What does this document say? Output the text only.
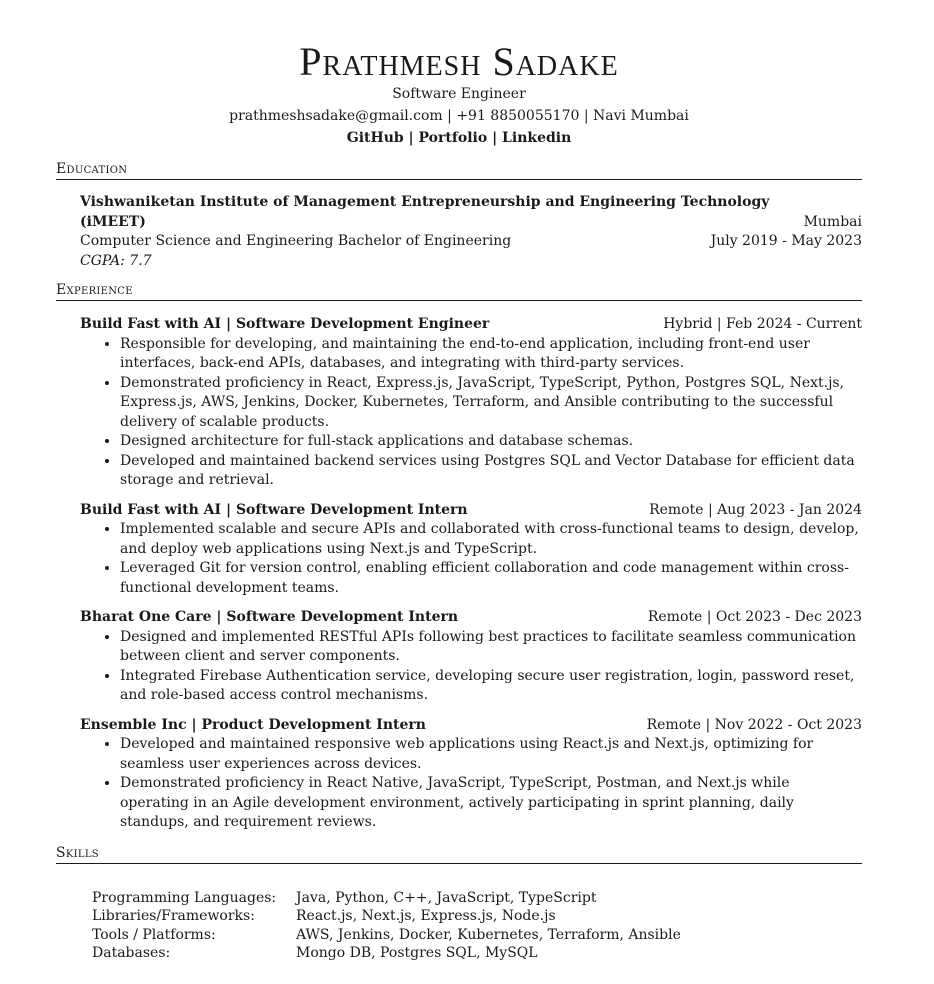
Prathmesh Sadake
Software Engineer
prathmeshsadake@gmail.com | +91 8850055170 | Navi Mumbai
GitHub | Portfolio | Linkedin
Education
Vishwaniketan Institute of Management Entrepreneurship and Engineering Technology
(iMEET)	Mumbai
Computer Science and Engineering Bachelor of Engineering	July 2019 - May 2023
CGPA: 7.7
Experience
Build Fast with AI | Software Development Engineer	Hybrid | Feb 2024 - Current
• Responsible for developing, and maintaining the end-to-end application, including front-end user interfaces, back-end APIs, databases, and integrating with third-party services.
• Demonstrated proficiency in React, Express.js, JavaScript, TypeScript, Python, Postgres SQL, Next.js, Express.js, AWS, Jenkins, Docker, Kubernetes, Terraform, and Ansible contributing to the successful delivery of scalable products.
• Designed architecture for full-stack applications and database schemas.
• Developed and maintained backend services using Postgres SQL and Vector Database for efficient data storage and retrieval.
Build Fast with AI | Software Development Intern	Remote | Aug 2023 - Jan 2024
• Implemented scalable and secure APIs and collaborated with cross-functional teams to design, develop, and deploy web applications using Next.js and TypeScript.
• Leveraged Git for version control, enabling efficient collaboration and code management within cross-functional development teams.
Bharat One Care | Software Development Intern	Remote | Oct 2023 - Dec 2023
• Designed and implemented RESTful APIs following best practices to facilitate seamless communication between client and server components.
• Integrated Firebase Authentication service, developing secure user registration, login, password reset, and role-based access control mechanisms.
Ensemble Inc | Product Development Intern	Remote | Nov 2022 - Oct 2023
• Developed and maintained responsive web applications using React.js and Next.js, optimizing for seamless user experiences across devices.
• Demonstrated proficiency in React Native, JavaScript, TypeScript, Postman, and Next.js while operating in an Agile development environment, actively participating in sprint planning, daily standups, and requirement reviews.
Skills
Programming Languages:	Java, Python, C++, JavaScript, TypeScript
Libraries/Frameworks:	React.js, Next.js, Express.js, Node.js
Tools / Platforms:	AWS, Jenkins, Docker, Kubernetes, Terraform, Ansible
Databases:	Mongo DB, Postgres SQL, MySQL
